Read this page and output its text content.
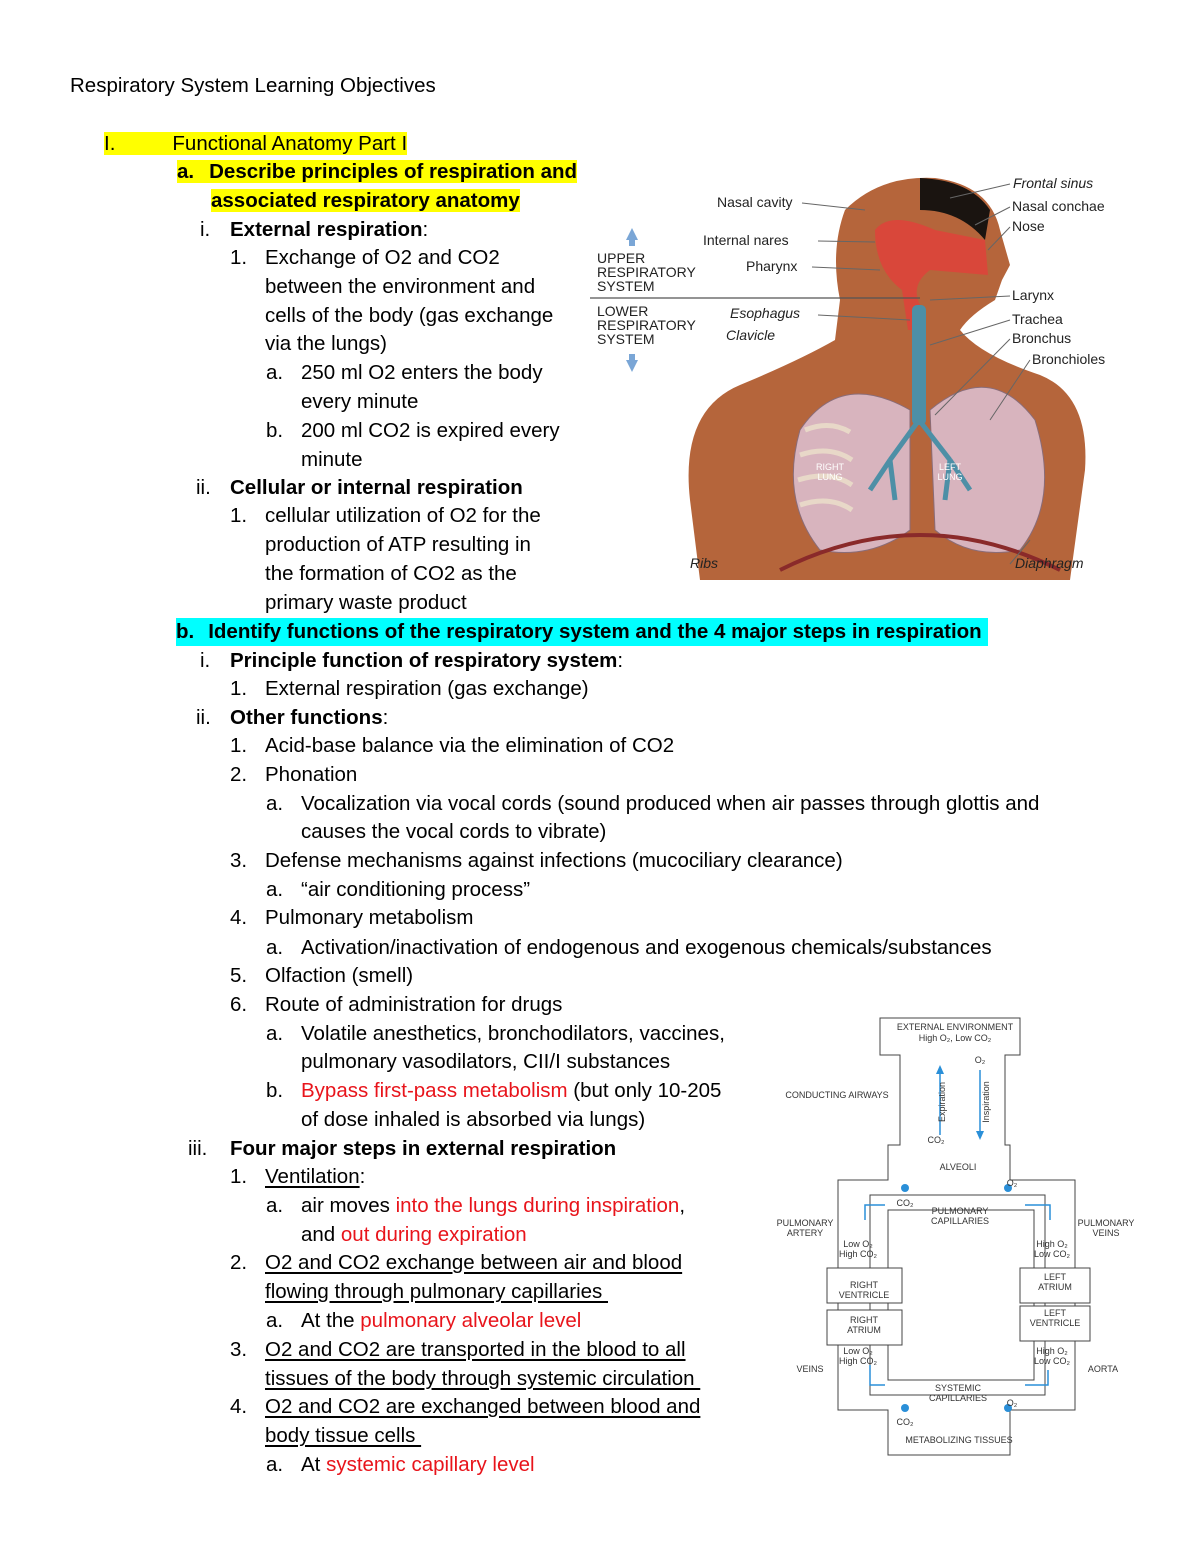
Respiratory System Learning Objectives
I.	Functional Anatomy Part I
a. Describe principles of respiration and
associated respiratory anatomy
i. External respiration:
1. Exchange of O2 and CO2
between the environment and
cells of the body (gas exchange
via the lungs)
a. 250 ml O2 enters the body
every minute
b. 200 ml CO2 is expired every
minute
ii. Cellular or internal respiration
1. cellular utilization of O2 for the
production of ATP resulting in
the formation of CO2 as the
primary waste product
b. Identify functions of the respiratory system and the 4 major steps in respiration
i. Principle function of respiratory system:
1. External respiration (gas exchange)
ii. Other functions:
1. Acid-base balance via the elimination of CO2
2. Phonation
a. Vocalization via vocal cords (sound produced when air passes through glottis and
causes the vocal cords to vibrate)
3. Defense mechanisms against infections (mucociliary clearance)
a. “air conditioning process”
4. Pulmonary metabolism
a. Activation/inactivation of endogenous and exogenous chemicals/substances
5. Olfaction (smell)
6. Route of administration for drugs
a. Volatile anesthetics, bronchodilators, vaccines,
pulmonary vasodilators, CII/I substances
b. Bypass first-pass metabolism (but only 10-205
of dose inhaled is absorbed via lungs)
iii. Four major steps in external respiration
1. Ventilation:
a. air moves into the lungs during inspiration,
and out during expiration
2. O2 and CO2 exchange between air and blood
flowing through pulmonary capillaries
a. At the pulmonary alveolar level
3. O2 and CO2 are transported in the blood to all
tissues of the body through systemic circulation
4. O2 and CO2 are exchanged between blood and
body tissue cells
a. At systemic capillary level
UPPER
RESPIRATORY
SYSTEM
LOWER
RESPIRATORY
SYSTEM
Nasal cavity
Internal nares
Pharynx
Esophagus
Clavicle
Ribs
Frontal sinus
Nasal conchae
Nose
Larynx
Trachea
Bronchus
Bronchioles
Diaphragm
RIGHT
LUNG
LEFT
LUNG
EXTERNAL ENVIRONMENT
High O₂, Low CO₂
O₂
CO₂
CONDUCTING AIRWAYS
ALVEOLI
O₂
CO₂
PULMONARY
CAPILLARIES
PULMONARY
ARTERY
PULMONARY
VEINS
Low O₂
High CO₂
High O₂
Low CO₂
RIGHT
VENTRICLE
RIGHT
ATRIUM
LEFT
ATRIUM
LEFT
VENTRICLE
Low O₂
High CO₂
High O₂
Low CO₂
VEINS	AORTA
SYSTEMIC
CAPILLARIES O₂
CO₂
METABOLIZING TISSUES
Expiration	Inspiration
